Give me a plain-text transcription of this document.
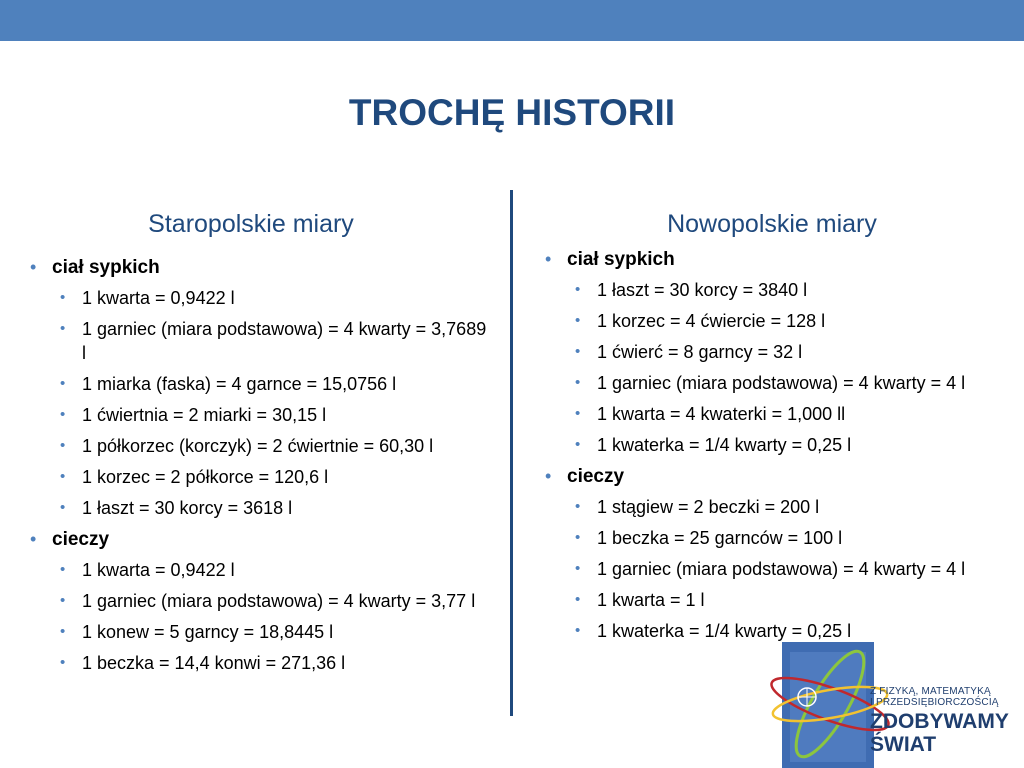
TROCHĘ HISTORII
Staropolskie miary	Nowopolskie miary
• ciał sypkich
• 1 kwarta = 0,9422 l
• 1 garniec (miara podstawowa) = 4 kwarty = 3,7689 l
• 1 miarka (faska) = 4 garnce = 15,0756 l
• 1 ćwiertnia = 2 miarki = 30,15 l
• 1 półkorzec (korczyk) = 2 ćwiertnie = 60,30 l
• 1 korzec = 2 półkorce = 120,6 l
• 1 łaszt = 30 korcy = 3618 l
• cieczy
• 1 kwarta = 0,9422 l
• 1 garniec (miara podstawowa) = 4 kwarty = 3,77 l
• 1 konew = 5 garncy = 18,8445 l
• 1 beczka = 14,4 konwi = 271,36 l
• ciał sypkich
• 1 łaszt = 30 korcy = 3840 l
• 1 korzec = 4 ćwiercie = 128 l
• 1 ćwierć = 8 garncy = 32 l
• 1 garniec (miara podstawowa) = 4 kwarty = 4 l
• 1 kwarta = 4 kwaterki = 1,000 ll
• 1 kwaterka = 1/4 kwarty = 0,25 l
• cieczy
• 1 stągiew = 2 beczki = 200 l
• 1 beczka = 25 garnców = 100 l
• 1 garniec (miara podstawowa) = 4 kwarty = 4 l
• 1 kwarta = 1 l
• 1 kwaterka = 1/4 kwarty = 0,25 l
Z FIZYKĄ, MATEMATYKĄ
I PRZEDSIĘBIORCZOŚCIĄ
ZDOBYWAMY
ŚWIAT
